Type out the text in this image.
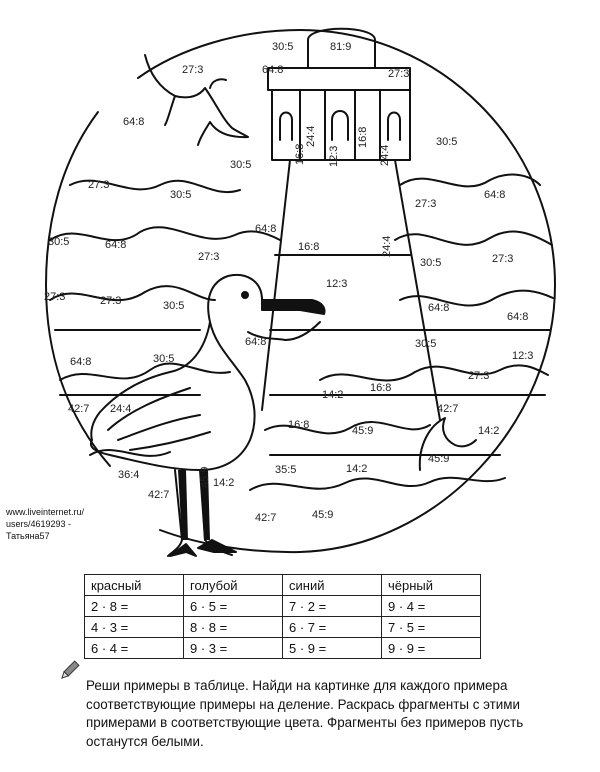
81:9
30:5
27:3	64:8	27:3
64:8
16:8
24:4
12:3
16:8
24:4
30:5
30:5
27:3
30:5
27:3
64:8
64:8
30:5	64:8
27:3
16:8	24:4
30:5	27:3
27:3	27:3
12:3
30:5	64:8
64:8
64:8	30:5
64:8	30:5
27:3
12:3
16:8
14:2
42:7 24:4
16:8	45:9
42:7
14:2
45:9
36:4	35:5	14:2
42:7
45:9 14:2
42:7	45:9
www.liveinternet.ru/
users/4619293 -
Татьяна57
красный	голубой	синий	чёрный
2 · 8 =	6 · 5 =	7 · 2 =	9 · 4 =
4 · 3 =	8 · 8 =	6 · 7 =	7 · 5 =
6 · 4 =	9 · 3 =	5 · 9 =	9 · 9 =
Реши примеры в таблице. Найди на картинке для каждого примера соответствующие примеры на деление. Раскрась фрагменты с этими примерами в соответствующие цвета. Фрагменты без примеров пусть останутся белыми.
